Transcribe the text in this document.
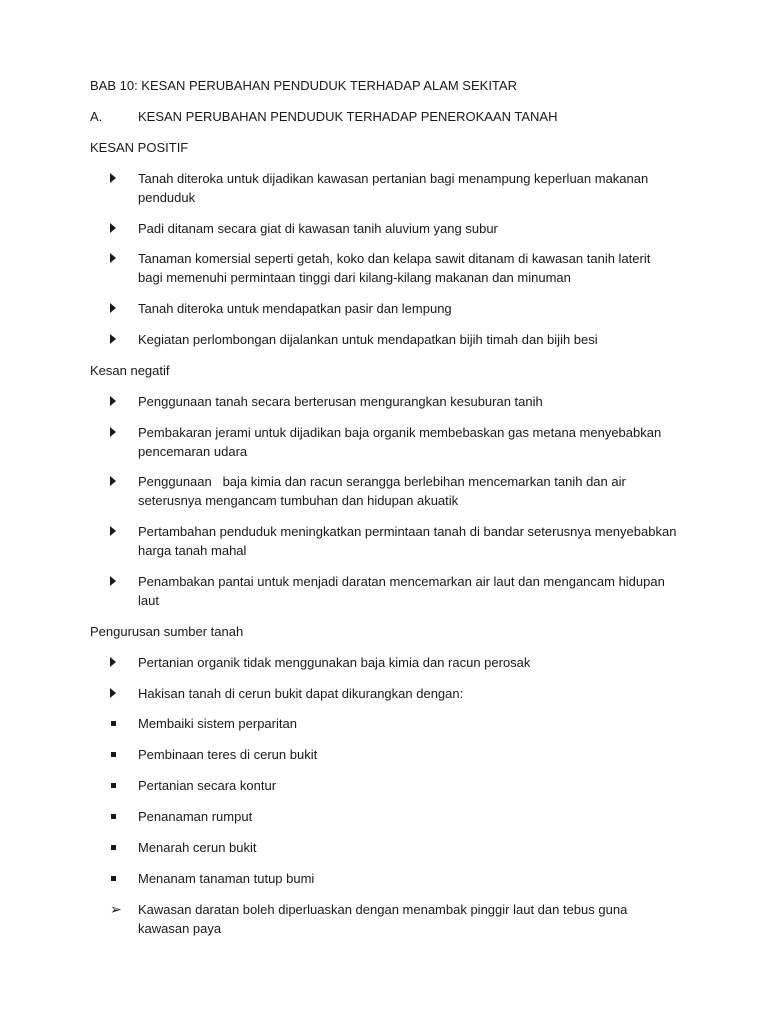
BAB 10: KESAN PERUBAHAN PENDUDUK TERHADAP ALAM SEKITAR
A.	KESAN PERUBAHAN PENDUDUK TERHADAP PENEROKAAN TANAH
KESAN POSITIF
Tanah diteroka untuk dijadikan kawasan pertanian bagi menampung keperluan makanan penduduk
Padi ditanam secara giat di kawasan tanih aluvium yang subur
Tanaman komersial seperti getah, koko dan kelapa sawit ditanam di kawasan tanih laterit bagi memenuhi permintaan tinggi dari kilang-kilang makanan dan minuman
Tanah diteroka untuk mendapatkan pasir dan lempung
Kegiatan perlombongan dijalankan untuk mendapatkan bijih timah dan bijih besi
Kesan negatif
Penggunaan tanah secara berterusan mengurangkan kesuburan tanih
Pembakaran jerami untuk dijadikan baja organik membebaskan gas metana menyebabkan pencemaran udara
Penggunaan   baja kimia dan racun serangga berlebihan mencemarkan tanih dan air seterusnya mengancam tumbuhan dan hidupan akuatik
Pertambahan penduduk meningkatkan permintaan tanah di bandar seterusnya menyebabkan harga tanah mahal
Penambakan pantai untuk menjadi daratan mencemarkan air laut dan mengancam hidupan laut
Pengurusan sumber tanah
Pertanian organik tidak menggunakan baja kimia dan racun perosak
Hakisan tanah di cerun bukit dapat dikurangkan dengan:
Membaiki sistem perparitan
Pembinaan teres di cerun bukit
Pertanian secara kontur
Penanaman rumput
Menarah cerun bukit
Menanam tanaman tutup bumi
➢	Kawasan daratan boleh diperluaskan dengan menambak pinggir laut dan tebus guna kawasan paya
